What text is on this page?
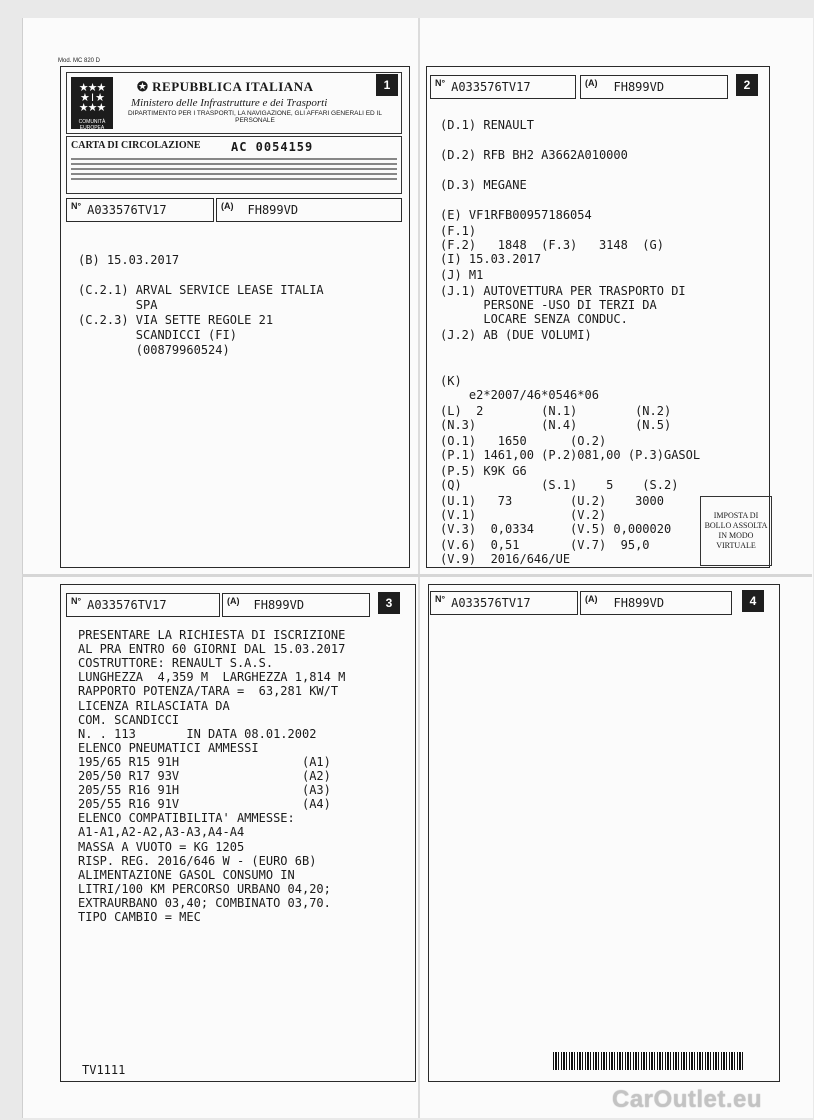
Mod. MC 820 D
1
★★★
★ I ★
★★★
COMUNITÀ EUROPEA
✪ REPUBBLICA ITALIANA
Ministero delle Infrastrutture e dei Trasporti
DIPARTIMENTO PER I TRASPORTI, LA NAVIGAZIONE, GLI AFFARI GENERALI ED IL PERSONALE
CARTA DI CIRCOLAZIONE	AC 0054159
N° A033576TV17	(A) FH899VD
(B) 15.03.2017
(C.2.1) ARVAL SERVICE LEASE ITALIA
SPA
(C.2.3) VIA SETTE REGOLE 21
SCANDICCI (FI)
(00879960524)
2
N° A033576TV17	(A) FH899VD
(D.1) RENAULT
(D.2) RFB BH2 A3662A010000
(D.3) MEGANE
(E) VF1RFB00957186054
(F.1)
(F.2)   1848  (F.3)   3148  (G)
(I) 15.03.2017
(J) M1
(J.1) AUTOVETTURA PER TRASPORTO DI
PERSONE -USO DI TERZI DA
LOCARE SENZA CONDUC.
(J.2) AB (DUE VOLUMI)
(K)
e2*2007/46*0546*06
(L)  2        (N.1)        (N.2)
(N.3)         (N.4)        (N.5)
(O.1)   1650      (O.2)
(P.1) 1461,00 (P.2)081,00 (P.3)GASOL
(P.5) K9K G6
(Q)           (S.1)    5    (S.2)
(U.1)   73        (U.2)    3000
(V.1)             (V.2)
(V.3)  0,0334     (V.5) 0,000020
(V.6)  0,51       (V.7)  95,0
(V.9)  2016/646/UE
IMPOSTA DI BOLLO ASSOLTA IN MODO VIRTUALE
3
N° A033576TV17	(A) FH899VD
PRESENTARE LA RICHIESTA DI ISCRIZIONE
AL PRA ENTRO 60 GIORNI DAL 15.03.2017
COSTRUTTORE: RENAULT S.A.S.
LUNGHEZZA  4,359 M  LARGHEZZA 1,814 M
RAPPORTO POTENZA/TARA =  63,281 KW/T
LICENZA RILASCIATA DA
COM. SCANDICCI
N. . 113       IN DATA 08.01.2002
ELENCO PNEUMATICI AMMESSI
195/65 R15 91H                 (A1)
205/50 R17 93V                 (A2)
205/55 R16 91H                 (A3)
205/55 R16 91V                 (A4)
ELENCO COMPATIBILITA' AMMESSE:
A1-A1,A2-A2,A3-A3,A4-A4
MASSA A VUOTO = KG 1205
RISP. REG. 2016/646 W - (EURO 6B)
ALIMENTAZIONE GASOL CONSUMO IN
LITRI/100 KM PERCORSO URBANO 04,20;
EXTRAURBANO 03,40; COMBINATO 03,70.
TIPO CAMBIO = MEC
TV1111
4
N° A033576TV17	(A) FH899VD
CarOutlet.eu
